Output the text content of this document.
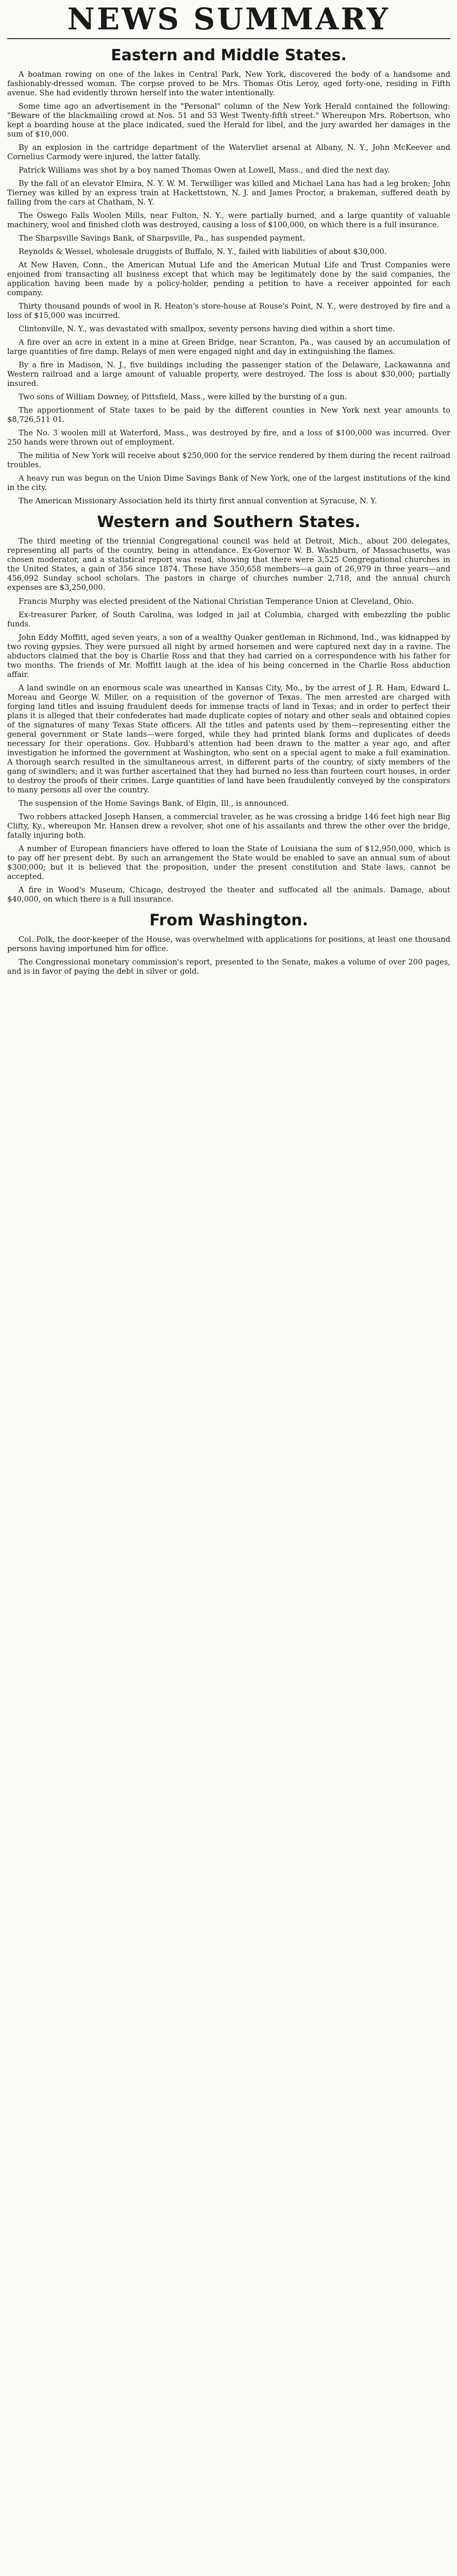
NEWS SUMMARY
Eastern and Middle States.

A boatman rowing on one of the lakes in Central Park, New York, discovered the body of a handsome and fashionably-dressed woman. The corpse proved to be Mrs. Thomas Otis Leroy, aged forty-one, residing in Fifth avenue. She had evidently thrown herself into the water intentionally.

Some time ago an advertisement in the "Personal" column of the New York Herald contained the following: "Beware of the blackmailing crowd at Nos. 51 and 53 West Twenty-fifth street." Whereupon Mrs. Robertson, who kept a boarding house at the place indicated, sued the Herald for libel, and the jury awarded her damages in the sum of $10,000.

By an explosion in the cartridge department of the Watervliet arsenal at Albany, N. Y., John McKeever and Cornelius Carmody were injured, the latter fatally.

Patrick Williams was shot by a boy named Thomas Owen at Lowell, Mass., and died the next day.

By the fall of an elevator Elmira, N. Y. W. M. Terwilliger was killed and Michael Lana has had a leg broken; John Tierney was killed by an express train at Hackettstown, N. J. and James Proctor, a brakeman, suffered death by falling from the cars at Chatham, N. Y.

The Oswego Falls Woolen Mills, near Fulton, N. Y., were partially burned, and a large quantity of valuable machinery, wool and finished cloth was destroyed, causing a loss of $100,000, on which there is a full insurance.

The Sharpsville Savings Bank, of Sharpsville, Pa., has suspended payment.

Reynolds & Wessel, wholesale druggists of Buffalo, N. Y., failed with liabilities of about $30,000.

At New Haven, Conn., the American Mutual Life and the American Mutual Life and Trust Companies were enjoined from transacting all business except that which may be legitimately done by the said companies, the application having been made by a policy-holder, pending a petition to have a receiver appointed for each company.

Thirty thousand pounds of wool in R. Heaton's store-house at Rouse's Point, N. Y., were destroyed by fire and a loss of $15,000 was incurred.

Clintonville, N. Y., was devastated with smallpox, seventy persons having died within a short time.

A fire over an acre in extent in a mine at Green Bridge, near Scranton, Pa., was caused by an accumulation of large quantities of fire damp. Relays of men were engaged night and day in extinguishing the flames.

By a fire in Madison, N. J., five buildings including the passenger station of the Delaware, Lackawanna and Western railroad and a large amount of valuable property, were destroyed. The loss is about $30,000; partially insured.

Two sons of William Downey, of Pittsfield, Mass., were killed by the bursting of a gun.

The apportionment of State taxes to be paid by the different counties in New York next year amounts to $8,726,511 01.

The No. 3 woolen mill at Waterford, Mass., was destroyed by fire, and a loss of $100,000 was incurred. Over 250 hands were thrown out of employment.

The militia of New York will receive about $250,000 for the service rendered by them during the recent railroad troubles.

A heavy run was begun on the Union Dime Savings Bank of New York, one of the largest institutions of the kind in the city.

The American Missionary Association held its thirty first annual convention at Syracuse, N. Y.

Western and Southern States.

The third meeting of the triennial Congregational council was held at Detroit, Mich., about 200 delegates, representing all parts of the country, being in attendance. Ex-Governor W. B. Washburn, of Massachusetts, was chosen moderator, and a statistical report was read, showing that there were 3,525 Congregational churches in the United States, a gain of 356 since 1874. These have 350,658 members—a gain of 26,979 in three years—and 456,092 Sunday school scholars. The pastors in charge of churches number 2,718, and the annual church expenses are $3,250,000.

Francis Murphy was elected president of the National Christian Temperance Union at Cleveland, Ohio.

Ex-treasurer Parker, of South Carolina, was lodged in jail at Columbia, charged with embezzling the public funds.

John Eddy Moffitt, aged seven years, a son of a wealthy Quaker gentleman in Richmond, Ind., was kidnapped by two roving gypsies. They were pursued all night by armed horsemen and were captured next day in a ravine. The abductors claimed that the boy is Charlie Ross and that they had carried on a correspondence with his father for two months. The friends of Mr. Moffitt laugh at the idea of his being concerned in the Charlie Ross abduction affair.

A land swindle on an enormous scale was unearthed in Kansas City, Mo., by the arrest of J. R. Ham, Edward L. Moreau and George W. Miller, on a requisition of the governor of Texas. The men arrested are charged with forging land titles and issuing fraudulent deeds for immense tracts of land in Texas; and in order to perfect their plans it is alleged that their confederates had made duplicate copies of notary and other seals and obtained copies of the signatures of many Texas State officers. All the titles and patents used by them—representing either the general government or State lands—were forged, while they had printed blank forms and duplicates of deeds necessary for their operations. Gov. Hubbard's attention had been drawn to the matter a year ago, and after investigation he informed the government at Washington, who sent on a special agent to make a full examination. A thorough search resulted in the simultaneous arrest, in different parts of the country, of sixty members of the gang of swindlers; and it was further ascertained that they had burned no less than fourteen court houses, in order to destroy the proofs of their crimes. Large quantities of land have been fraudulently conveyed by the conspirators to many persons all over the country.

The suspension of the Home Savings Bank, of Elgin, Ill., is announced.

Two robbers attacked Joseph Hansen, a commercial traveler, as he was crossing a bridge 146 feet high near Big Clifty, Ky., whereupon Mr. Hansen drew a revolver, shot one of his assailants and threw the other over the bridge, fatally injuring both.

A number of European financiers have offered to loan the State of Louisiana the sum of $12,950,000, which is to pay off her present debt. By such an arrangement the State would be enabled to save an annual sum of about $300,000; but it is believed that the proposition, under the present constitution and State laws, cannot be accepted.

A fire in Wood's Museum, Chicago, destroyed the theater and suffocated all the animals. Damage, about $40,000, on which there is a full insurance.

From Washington.

Col. Polk, the door-keeper of the House, was overwhelmed with applications for positions, at least one thousand persons having importuned him for office.

The Congressional monetary commission's report, presented to the Senate, makes a volume of over 200 pages, and is in favor of paying the debt in silver or gold.
